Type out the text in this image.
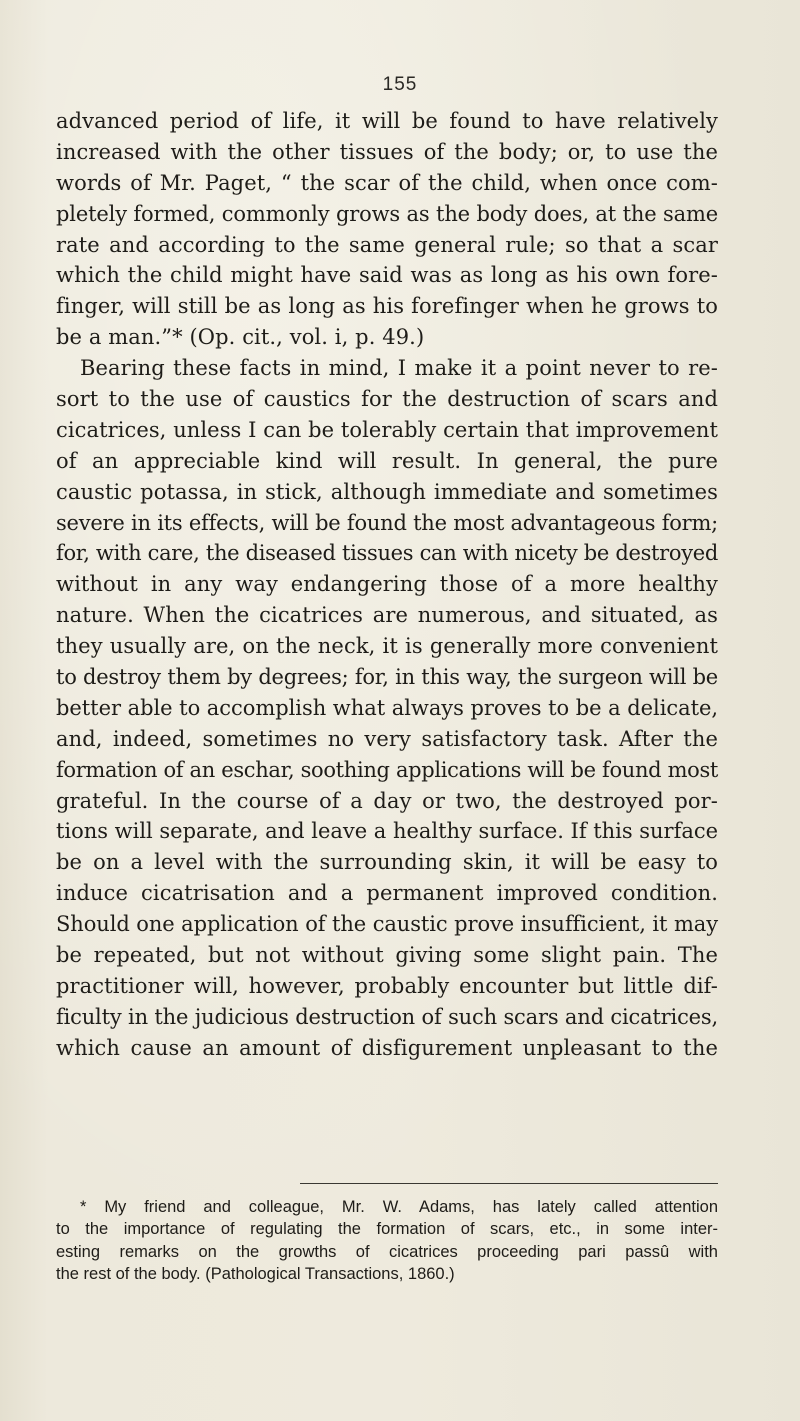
155
advanced period of life, it will be found to have relatively
increased with the other tissues of the body; or, to use the
words of Mr. Paget, “ the scar of the child, when once com-
pletely formed, commonly grows as the body does, at the same
rate and according to the same general rule; so that a scar
which the child might have said was as long as his own fore-
finger, will still be as long as his forefinger when he grows to
be a man.”* (Op. cit., vol. i, p. 49.)
Bearing these facts in mind, I make it a point never to re-
sort to the use of caustics for the destruction of scars and
cicatrices, unless I can be tolerably certain that improvement
of an appreciable kind will result. In general, the pure
caustic potassa, in stick, although immediate and sometimes
severe in its effects, will be found the most advantageous form;
for, with care, the diseased tissues can with nicety be destroyed
without in any way endangering those of a more healthy
nature. When the cicatrices are numerous, and situated, as
they usually are, on the neck, it is generally more convenient
to destroy them by degrees; for, in this way, the surgeon will be
better able to accomplish what always proves to be a delicate,
and, indeed, sometimes no very satisfactory task. After the
formation of an eschar, soothing applications will be found most
grateful. In the course of a day or two, the destroyed por-
tions will separate, and leave a healthy surface. If this surface
be on a level with the surrounding skin, it will be easy to
induce cicatrisation and a permanent improved condition.
Should one application of the caustic prove insufficient, it may
be repeated, but not without giving some slight pain. The
practitioner will, however, probably encounter but little dif-
ficulty in the judicious destruction of such scars and cicatrices,
which cause an amount of disfigurement unpleasant to the
* My friend and colleague, Mr. W. Adams, has lately called attention
to the importance of regulating the formation of scars, etc., in some inter-
esting remarks on the growths of cicatrices proceeding pari passû with
the rest of the body. (Pathological Transactions, 1860.)
